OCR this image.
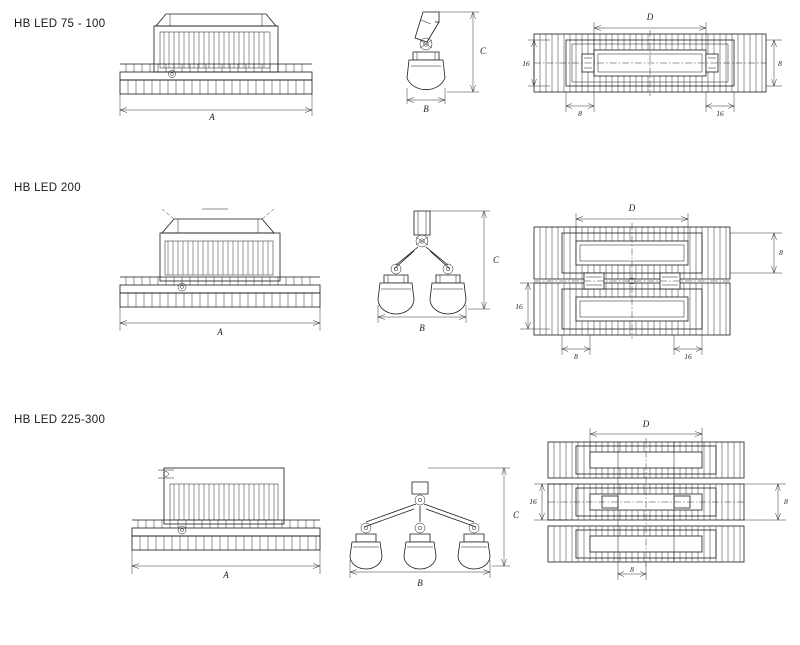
HB LED 75 - 100
A
B
C
D
16	8
8	16
HB LED 200
A	B
C
D
16
8
8	16
HB LED 225-300
A
B
C
D
16	8
8
